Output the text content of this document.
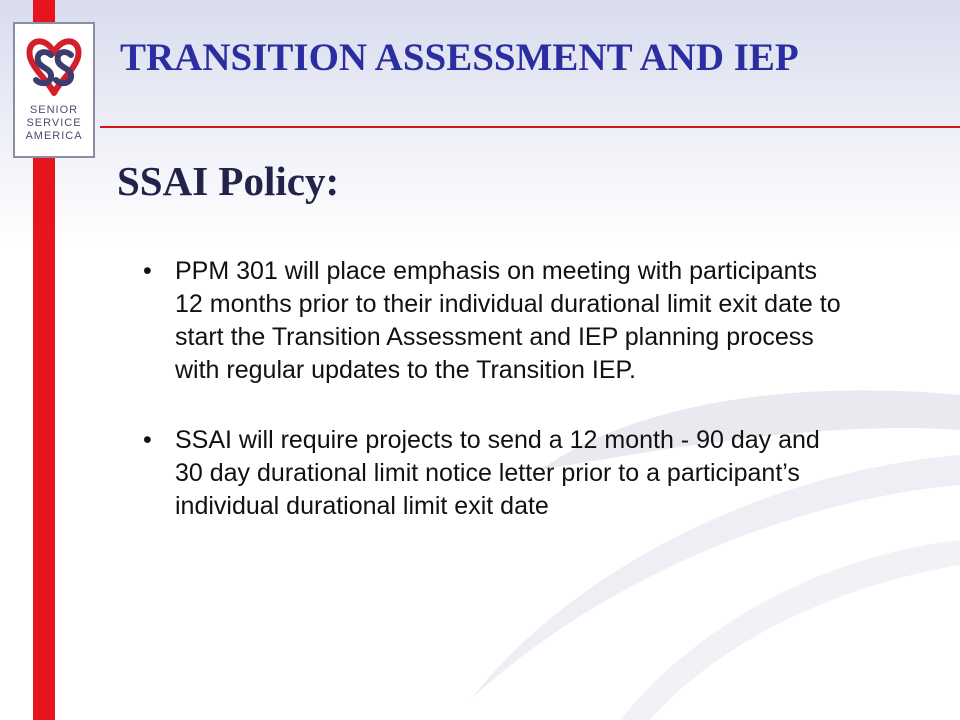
SENIOR
SERVICE
AMERICA
TRANSITION ASSESSMENT AND IEP
SSAI Policy:
• PPM 301 will place emphasis on meeting with participants 12 months prior to their individual durational limit exit date to start the Transition Assessment and IEP planning process with regular updates to the Transition IEP.
• SSAI will require projects to send a 12 month - 90 day and 30 day durational limit notice letter prior to a participant’s individual durational limit exit date
